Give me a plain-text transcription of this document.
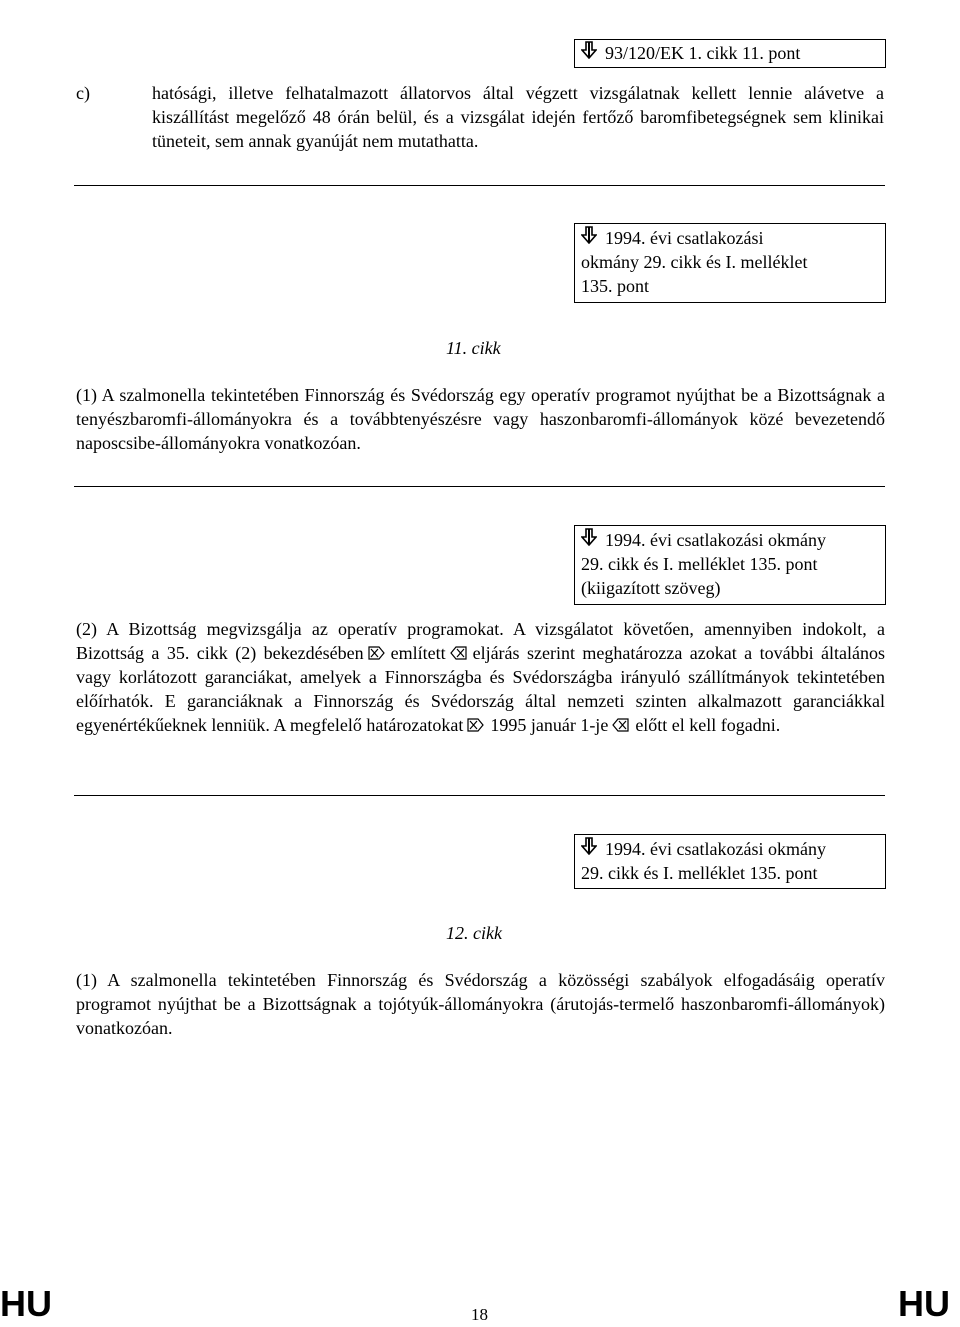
93/120/EK 1. cikk 11. pont
c)	hatósági, illetve felhatalmazott állatorvos által végzett vizsgálatnak kellett lennie alávetve a kiszállítást megelőző 48 órán belül, és a vizsgálat idején fertőző baromfibetegségnek sem klinikai tüneteit, sem annak gyanúját nem mutathatta.

1994. évi csatlakozási
okmány 29. cikk és I. melléklet
135. pont
11. cikk

(1) A szalmonella tekintetében Finnország és Svédország egy operatív programot nyújthat be a Bizottságnak a tenyészbaromfi-állományokra és a továbbtenyészésre vagy haszonbaromfi-állományok közé bevezetendő naposcsibe-állományokra vonatkozóan.

1994. évi csatlakozási okmány
29. cikk és I. melléklet 135. pont
(kiigazított szöveg)

(2) A Bizottság megvizsgálja az operatív programokat. A vizsgálatot követően, amennyiben indokolt, a Bizottság a 35. cikk (2) bekezdésében említett eljárás szerint meghatározza azokat a további általános vagy korlátozott garanciákat, amelyek a Finnországba és Svédországba irányuló szállítmányok tekintetében előírhatók. E garanciáknak a Finnország és Svédország által nemzeti szinten alkalmazott garanciákkal egyenértékűeknek lenniük. A megfelelő határozatokat 1995 január 1-je előtt el kell fogadni.

1994. évi csatlakozási okmány
29. cikk és I. melléklet 135. pont
12. cikk

(1) A szalmonella tekintetében Finnország és Svédország a közösségi szabályok elfogadásáig operatív programot nyújthat be a Bizottságnak a tojótyúk-állományokra (árutojás-termelő haszonbaromfi-állományok) vonatkozóan.

HU	18	HU
